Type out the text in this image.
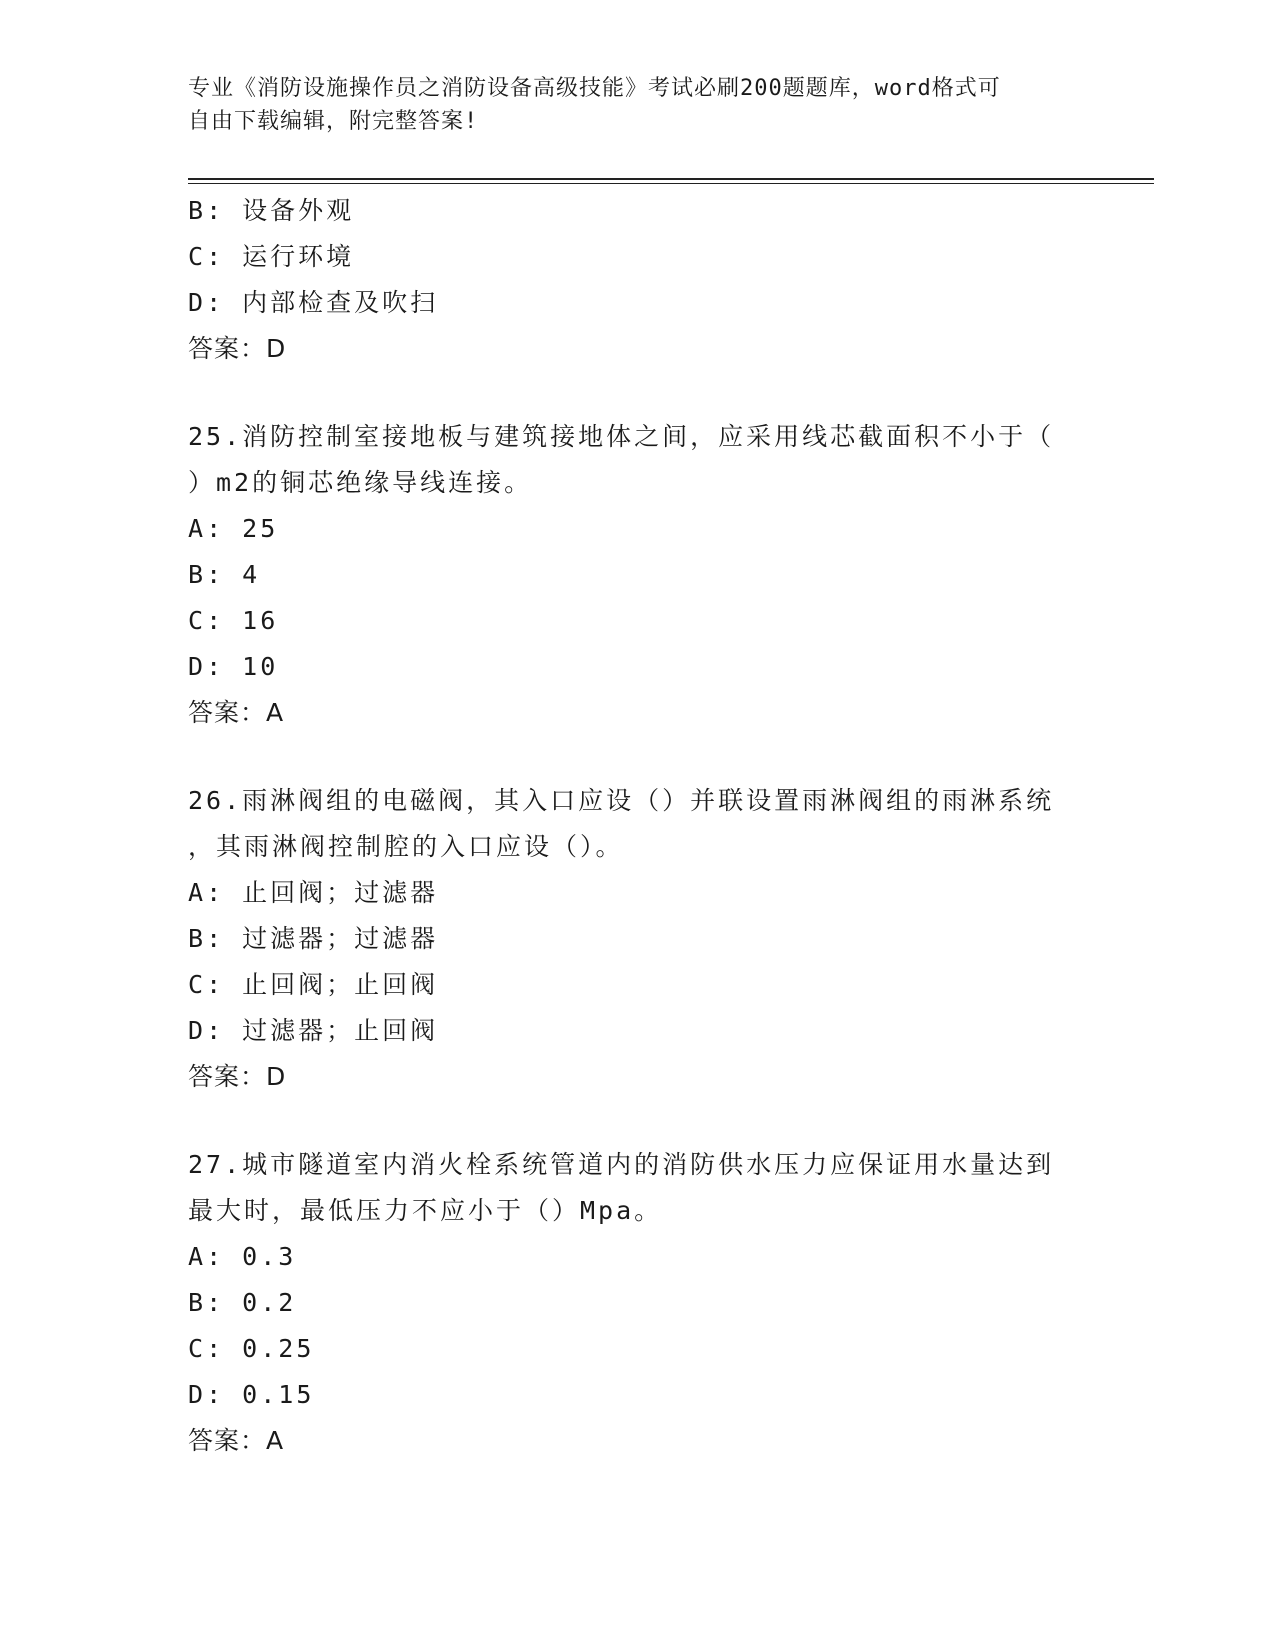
专业《消防设施操作员之消防设备高级技能》考试必刷200题题库，word格式可
自由下载编辑，附完整答案!
B: 设备外观
C: 运行环境
D: 内部检查及吹扫
答案：D
25.消防控制室接地板与建筑接地体之间，应采用线芯截面积不小于（
）m2的铜芯绝缘导线连接。
A: 25
B: 4
C: 16
D: 10
答案：A
26.雨淋阀组的电磁阀，其入口应设（）并联设置雨淋阀组的雨淋系统
，其雨淋阀控制腔的入口应设（）。
A: 止回阀；过滤器
B: 过滤器；过滤器
C: 止回阀；止回阀
D: 过滤器；止回阀
答案：D
27.城市隧道室内消火栓系统管道内的消防供水压力应保证用水量达到
最大时，最低压力不应小于（）Mpa。
A: 0.3
B: 0.2
C: 0.25
D: 0.15
答案：A
